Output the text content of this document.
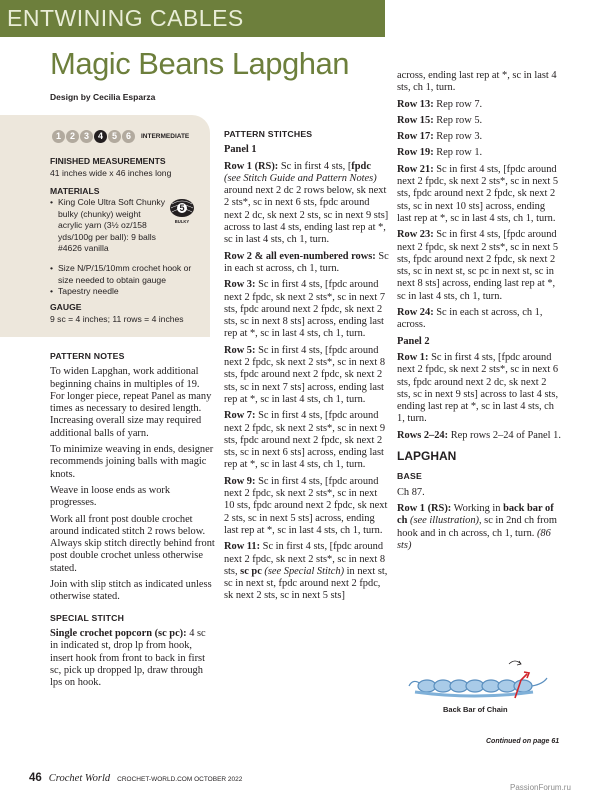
ENTWINING CABLES
Magic Beans Lapghan
Design by Cecilia Esparza
1 2 3 4 5 6	INTERMEDIATE
FINISHED MEASUREMENTS
41 inches wide x 46 inches long
MATERIALS
• King Cole Ultra Soft Chunky bulky (chunky) weight acrylic yarn (3½ oz/158 yds/100g per ball): 9 balls #4626 vanilla
• Size N/P/15/10mm crochet hook or size needed to obtain gauge
• Tapestry needle
5
BULKY
GAUGE
9 sc = 4 inches; 11 rows = 4 inches
PATTERN NOTES

To widen Lapghan, work additional beginning chains in multiples of 19. For longer piece, repeat Panel as many times as necessary to desired length. Increasing overall size may required additional balls of yarn.

To minimize weaving in ends, designer recommends joining balls with magic knots.

Weave in loose ends as work progresses.

Work all front post double crochet around indicated stitch 2 rows below. Always skip stitch directly behind front post double crochet unless otherwise stated.

Join with slip stitch as indicated unless otherwise stated.

SPECIAL STITCH

Single crochet popcorn (sc pc): 4 sc in indicated st, drop lp from hook, insert hook from front to back in first sc, pick up dropped lp, draw through lps on hook.

PATTERN STITCHES

Panel 1

Row 1 (RS): Sc in first 4 sts, [fpdc (see Stitch Guide and Pattern Notes) around next 2 dc 2 rows below, sk next 2 sts*, sc in next 6 sts, fpdc around next 2 dc, sk next 2 sts, sc in next 9 sts] across to last 4 sts, ending last rep at *, sc in last 4 sts, ch 1, turn.

Row 2 & all even-numbered rows: Sc in each st across, ch 1, turn.

Row 3: Sc in first 4 sts, [fpdc around next 2 fpdc, sk next 2 sts*, sc in next 7 sts, fpdc around next 2 fpdc, sk next 2 sts, sc in next 8 sts] across, ending last rep at *, sc in last 4 sts, ch 1, turn.

Row 5: Sc in first 4 sts, [fpdc around next 2 fpdc, sk next 2 sts*, sc in next 8 sts, fpdc around next 2 fpdc, sk next 2 sts, sc in next 7 sts] across, ending last rep at *, sc in last 4 sts, ch 1, turn.

Row 7: Sc in first 4 sts, [fpdc around next 2 fpdc, sk next 2 sts*, sc in next 9 sts, fpdc around next 2 fpdc, sk next 2 sts, sc in next 6 sts] across, ending last rep at *, sc in last 4 sts, ch 1, turn.

Row 9: Sc in first 4 sts, [fpdc around next 2 fpdc, sk next 2 sts*, sc in next 10 sts, fpdc around next 2 fpdc, sk next 2 sts, sc in next 5 sts] across, ending last rep at *, sc in last 4 sts, ch 1, turn.

Row 11: Sc in first 4 sts, [fpdc around next 2 fpdc, sk next 2 sts*, sc in next 8 sts, sc pc (see Special Stitch) in next st, sc in next st, fpdc around next 2 fpdc, sk next 2 sts, sc in next 5 sts]

across, ending last rep at *, sc in last 4 sts, ch 1, turn.

Row 13: Rep row 7.

Row 15: Rep row 5.

Row 17: Rep row 3.

Row 19: Rep row 1.

Row 21: Sc in first 4 sts, [fpdc around next 2 fpdc, sk next 2 sts*, sc in next 5 sts, fpdc around next 2 fpdc, sk next 2 sts, sc in next 10 sts] across, ending last rep at *, sc in last 4 sts, ch 1, turn.

Row 23: Sc in first 4 sts, [fpdc around next 2 fpdc, sk next 2 sts*, sc in next 5 sts, fpdc around next 2 fpdc, sk next 2 sts, sc in next st, sc pc in next st, sc in next 8 sts] across, ending last rep at *, sc in last 4 sts, ch 1, turn.

Row 24: Sc in each st across, ch 1, across.

Panel 2

Row 1: Sc in first 4 sts, [fpdc around next 2 fpdc, sk next 2 sts*, sc in next 6 sts, fpdc around next 2 dc, sk next 2 sts, sc in next 9 sts] across to last 4 sts, ending last rep at *, sc in last 4 sts, ch 1, turn.

Rows 2–24: Rep rows 2–24 of Panel 1.

LAPGHAN
BASE

Ch 87.

Row 1 (RS): Working in back bar of ch (see illustration), sc in 2nd ch from hook and in ch across, ch 1, turn. (86 sts)

Back Bar of Chain
Continued on page 61
46 Crochet World CROCHET-WORLD.COM OCTOBER 2022
PassionForum.ru
